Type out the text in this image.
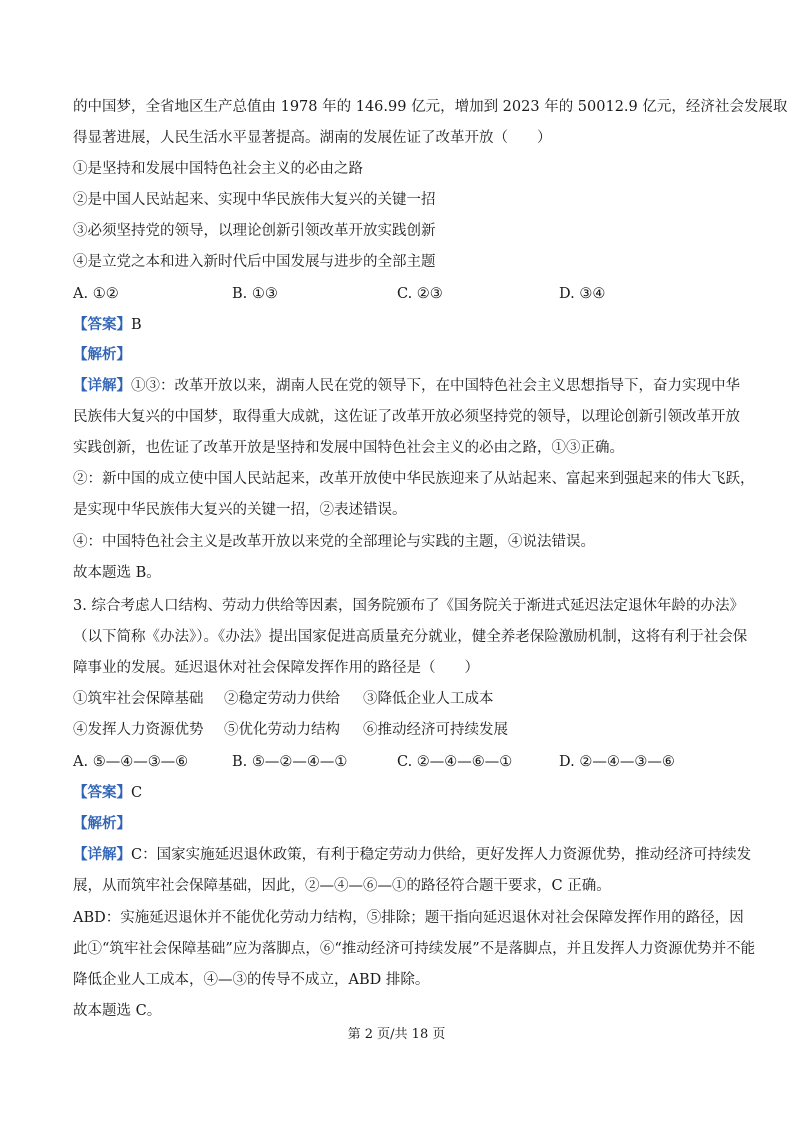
的中国梦，全省地区生产总值由 1978 年的 146.99 亿元，增加到 2023 年的 50012.9 亿元，经济社会发展取
得显著进展，人民生活水平显著提高。湖南的发展佐证了改革开放（　　）
①是坚持和发展中国特色社会主义的必由之路
②是中国人民站起来、实现中华民族伟大复兴的关键一招
③必须坚持党的领导，以理论创新引领改革开放实践创新
④是立党之本和进入新时代后中国发展与进步的全部主题
A. ①②	B. ①③	C. ②③	D. ③④
【答案】B
【解析】
【详解】①③：改革开放以来，湖南人民在党的领导下，在中国特色社会主义思想指导下，奋力实现中华
民族伟大复兴的中国梦，取得重大成就，这佐证了改革开放必须坚持党的领导，以理论创新引领改革开放
实践创新，也佐证了改革开放是坚持和发展中国特色社会主义的必由之路，①③正确。
②：新中国的成立使中国人民站起来，改革开放使中华民族迎来了从站起来、富起来到强起来的伟大飞跃，
是实现中华民族伟大复兴的关键一招，②表述错误。
④：中国特色社会主义是改革开放以来党的全部理论与实践的主题，④说法错误。
故本题选 B。
3. 综合考虑人口结构、劳动力供给等因素，国务院颁布了《国务院关于渐进式延迟法定退休年龄的办法》
（以下简称《办法》）。《办法》提出国家促进高质量充分就业，健全养老保险激励机制，这将有利于社会保
障事业的发展。延迟退休对社会保障发挥作用的路径是（　　）
①筑牢社会保障基础 ②稳定劳动力供给 ③降低企业人工成本
④发挥人力资源优势 ⑤优化劳动力结构 ⑥推动经济可持续发展
A. ⑤—④—③—⑥	B. ⑤—②—④—①	C. ②—④—⑥—①	D. ②—④—③—⑥
【答案】C
【解析】
【详解】C：国家实施延迟退休政策，有利于稳定劳动力供给，更好发挥人力资源优势，推动经济可持续发
展，从而筑牢社会保障基础，因此，②—④—⑥—①的路径符合题干要求，C 正确。
ABD：实施延迟退休并不能优化劳动力结构，⑤排除；题干指向延迟退休对社会保障发挥作用的路径，因
此①“筑牢社会保障基础”应为落脚点，⑥“推动经济可持续发展”不是落脚点，并且发挥人力资源优势并不能
降低企业人工成本，④—③的传导不成立，ABD 排除。
故本题选 C。
第 2 页/共 18 页
